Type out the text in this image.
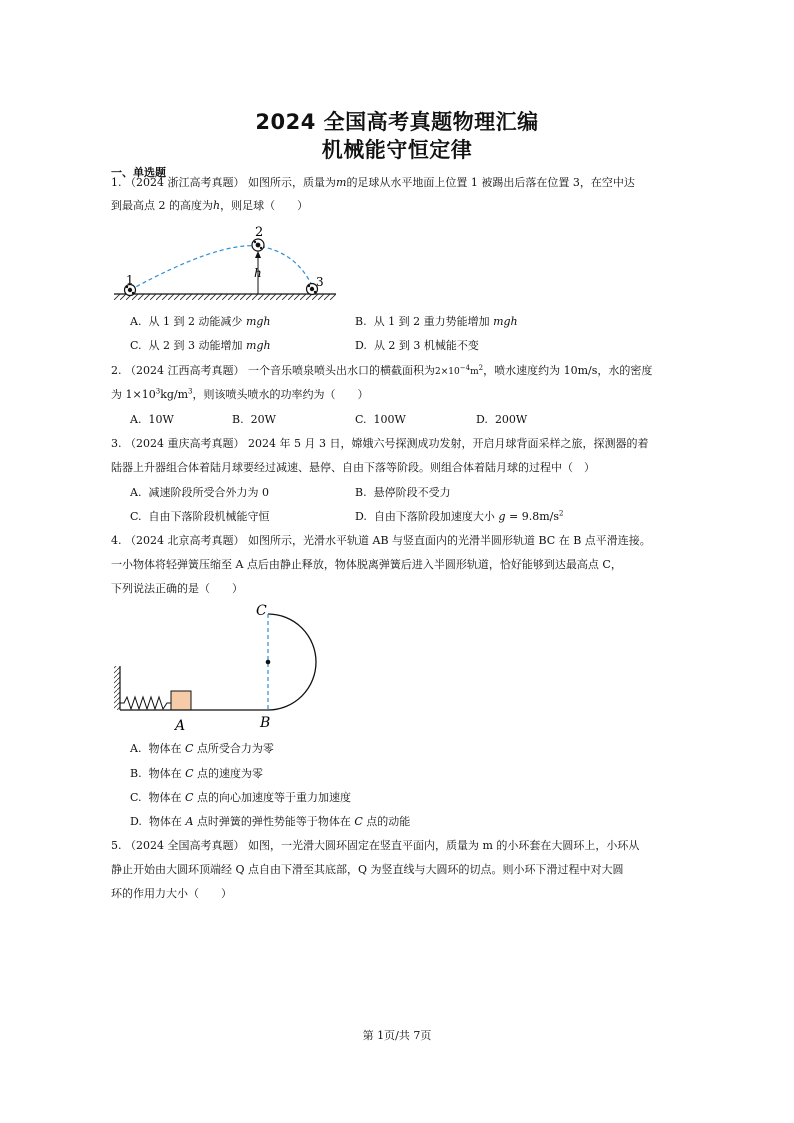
2024 全国高考真题物理汇编
机械能守恒定律
一、单选题
1. （2024 浙江高考真题） 如图所示，质量为m的足球从水平地面上位置 1 被踢出后落在位置 3，在空中达
到最高点 2 的高度为h，则足球（　　）
1
2
3
h
A. 从 1 到 2 动能减少 mgh	B. 从 1 到 2 重力势能增加 mgh
C. 从 2 到 3 动能增加 mgh	D. 从 2 到 3 机械能不变
2. （2024 江西高考真题） 一个音乐喷泉喷头出水口的横截面积为$2\times 10^{-4}m^2$，喷水速度约为 10m/s，水的密度
为 $1\times 10^3kg/m^3$，则该喷头喷水的功率约为（　　）
A. 10W	B. 20W	C. 100W	D. 200W
3. （2024 重庆高考真题） 2024 年 5 月 3 日，嫦娥六号探测成功发射，开启月球背面采样之旅，探测器的着
陆器上升器组合体着陆月球要经过减速、悬停、自由下落等阶段。则组合体着陆月球的过程中（　）
A. 减速阶段所受合外力为 0	B. 悬停阶段不受力
C. 自由下落阶段机械能守恒	D. 自由下落阶段加速度大小 $g = 9.8m/s^2$
4. （2024 北京高考真题） 如图所示，光滑水平轨道 AB 与竖直面内的光滑半圆形轨道 BC 在 B 点平滑连接。
一小物体将轻弹簧压缩至 A 点后由静止释放，物体脱离弹簧后进入半圆形轨道，恰好能够到达最高点 C，
下列说法正确的是（　　）
A	B
C
A. 物体在 C 点所受合力为零
B. 物体在 C 点的速度为零
C. 物体在 C 点的向心加速度等于重力加速度
D. 物体在 A 点时弹簧的弹性势能等于物体在 C 点的动能
5. （2024 全国高考真题） 如图，一光滑大圆环固定在竖直平面内，质量为 m 的小环套在大圆环上，小环从
静止开始由大圆环顶端经 Q 点自由下滑至其底部，Q 为竖直线与大圆环的切点。则小环下滑过程中对大圆
环的作用力大小（　　）
第 1页/共 7页
